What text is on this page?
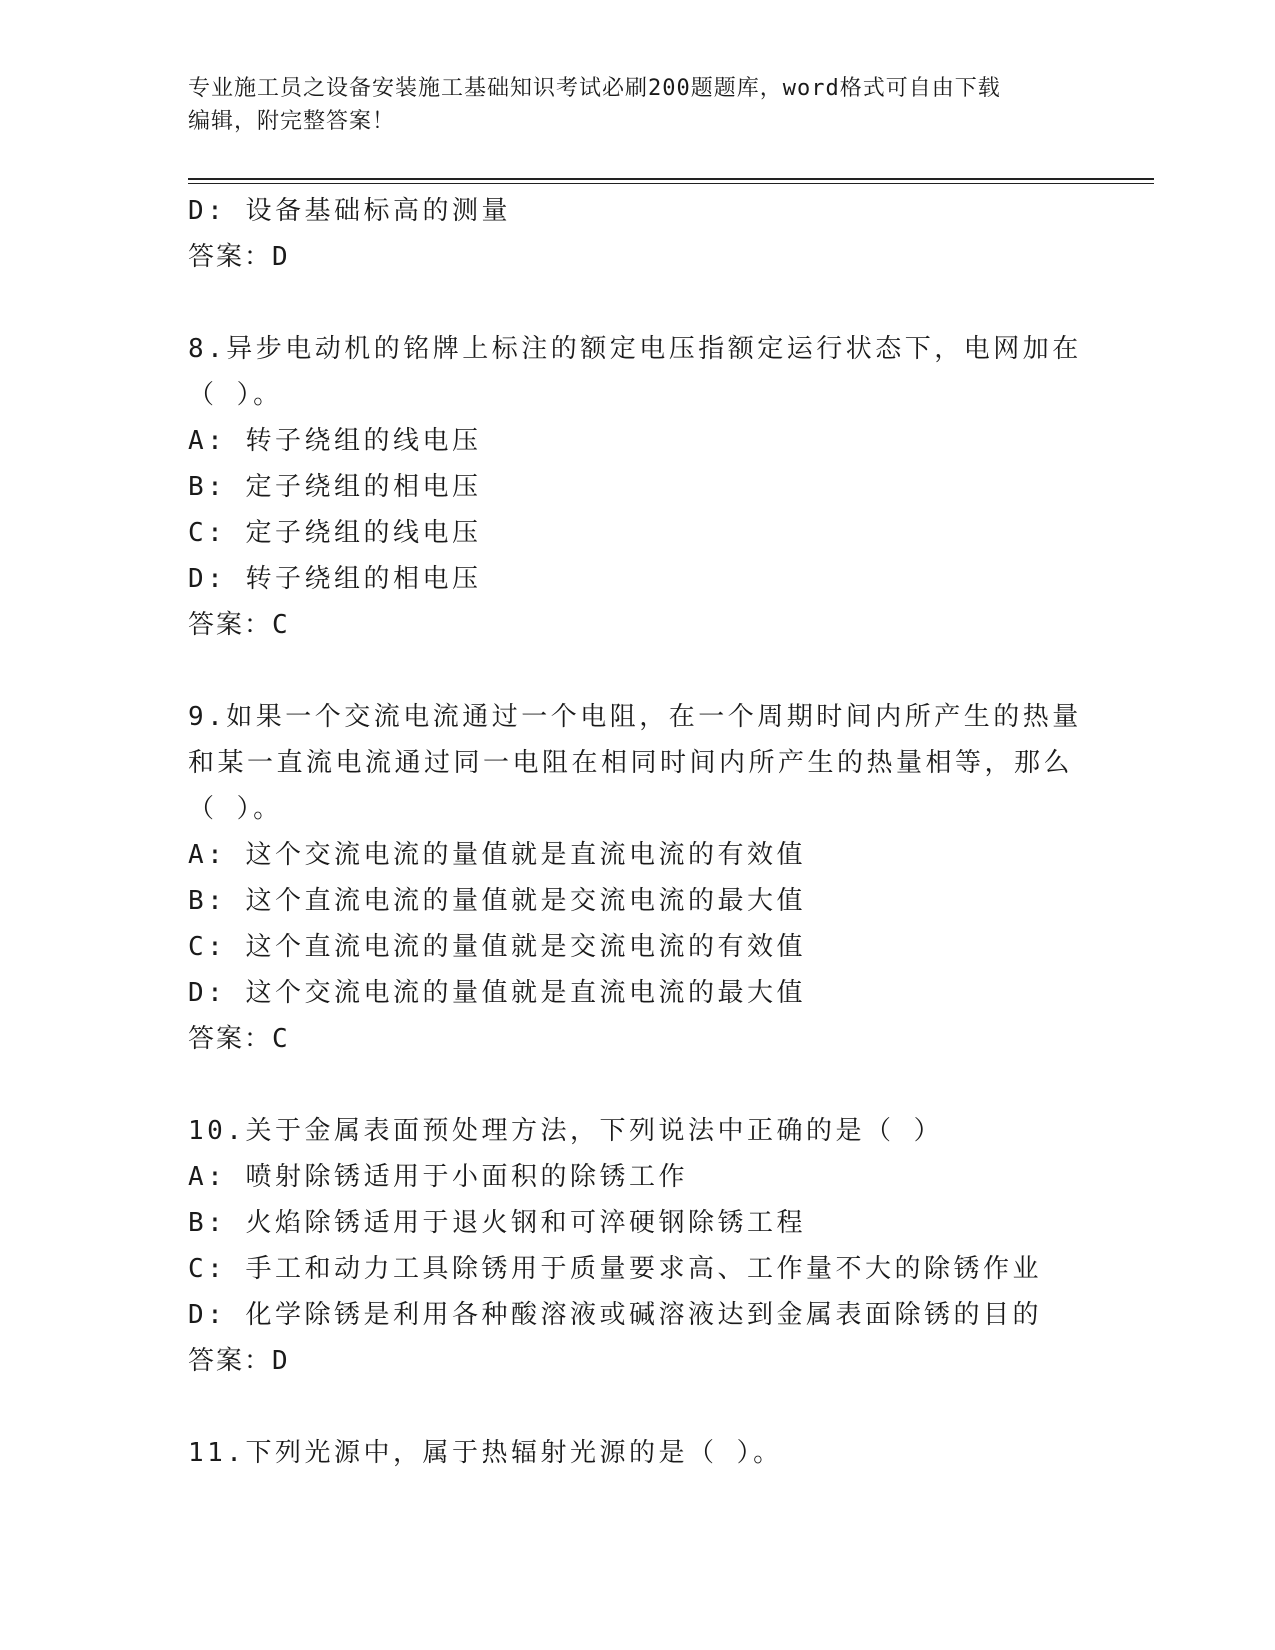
专业施工员之设备安装施工基础知识考试必刷200题题库，word格式可自由下载
编辑，附完整答案！
D: 设备基础标高的测量
答案：D
8.异步电动机的铭牌上标注的额定电压指额定运行状态下，电网加在
（ ）。
A: 转子绕组的线电压
B: 定子绕组的相电压
C: 定子绕组的线电压
D: 转子绕组的相电压
答案：C
9.如果一个交流电流通过一个电阻，在一个周期时间内所产生的热量
和某一直流电流通过同一电阻在相同时间内所产生的热量相等，那么
（ ）。
A: 这个交流电流的量值就是直流电流的有效值
B: 这个直流电流的量值就是交流电流的最大值
C: 这个直流电流的量值就是交流电流的有效值
D: 这个交流电流的量值就是直流电流的最大值
答案：C
10.关于金属表面预处理方法，下列说法中正确的是（ ）
A: 喷射除锈适用于小面积的除锈工作
B: 火焰除锈适用于退火钢和可淬硬钢除锈工程
C: 手工和动力工具除锈用于质量要求高、工作量不大的除锈作业
D: 化学除锈是利用各种酸溶液或碱溶液达到金属表面除锈的目的
答案：D
11.下列光源中，属于热辐射光源的是（ ）。
